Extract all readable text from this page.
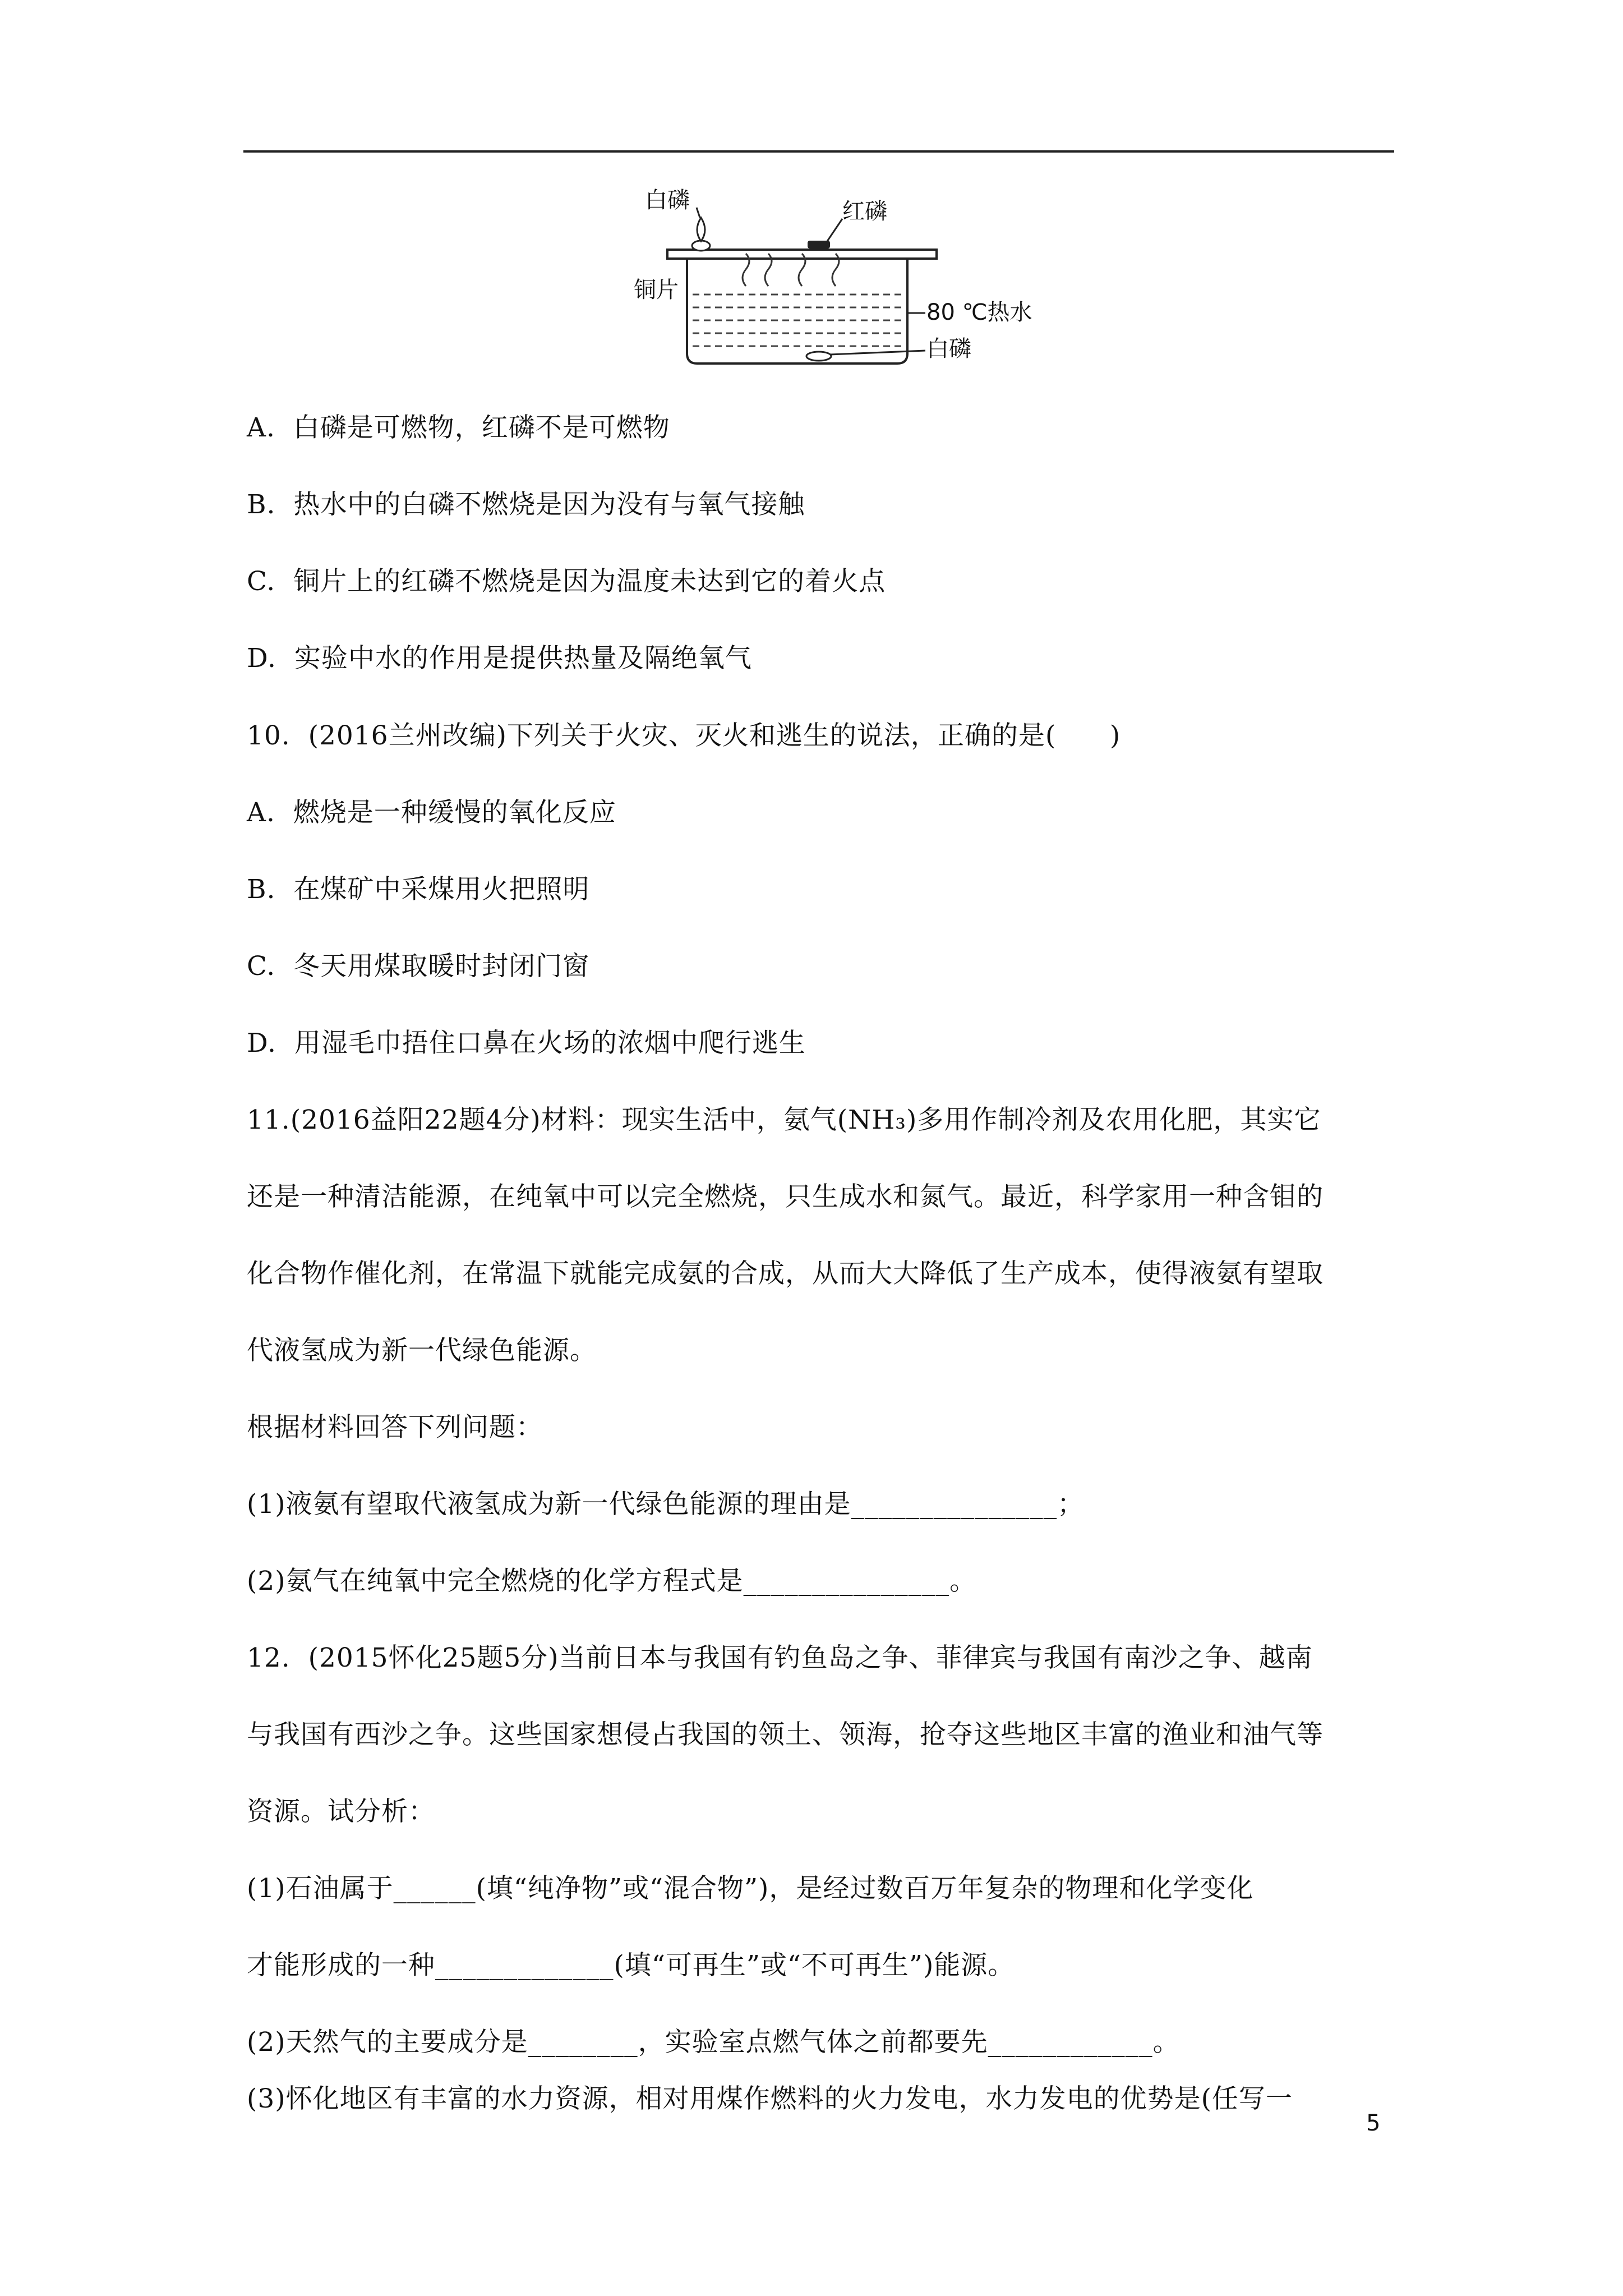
白磷	红磷
铜片
80 ℃热水
白磷
A.  白磷是可燃物，红磷不是可燃物
B.  热水中的白磷不燃烧是因为没有与氧气接触
C.  铜片上的红磷不燃烧是因为温度未达到它的着火点
D.  实验中水的作用是提供热量及隔绝氧气
10.  (2016兰州改编)下列关于火灾、灭火和逃生的说法，正确的是(      )
A.  燃烧是一种缓慢的氧化反应
B.  在煤矿中采煤用火把照明
C.  冬天用煤取暖时封闭门窗
D.  用湿毛巾捂住口鼻在火场的浓烟中爬行逃生
11.(2016益阳22题4分)材料：现实生活中，氨气(NH₃)多用作制冷剂及农用化肥，其实它
还是一种清洁能源，在纯氧中可以完全燃烧，只生成水和氮气。最近，科学家用一种含钼的
化合物作催化剂，在常温下就能完成氨的合成，从而大大降低了生产成本，使得液氨有望取
代液氢成为新一代绿色能源。
根据材料回答下列问题：
(1)液氨有望取代液氢成为新一代绿色能源的理由是_______________；
(2)氨气在纯氧中完全燃烧的化学方程式是_______________。
12.  (2015怀化25题5分)当前日本与我国有钓鱼岛之争、菲律宾与我国有南沙之争、越南
与我国有西沙之争。这些国家想侵占我国的领土、领海，抢夺这些地区丰富的渔业和油气等
资源。试分析：
(1)石油属于______(填“纯净物”或“混合物”)，是经过数百万年复杂的物理和化学变化
才能形成的一种_____________(填“可再生”或“不可再生”)能源。
(2)天然气的主要成分是________，实验室点燃气体之前都要先____________。
(3)怀化地区有丰富的水力资源，相对用煤作燃料的火力发电，水力发电的优势是(任写一
5
